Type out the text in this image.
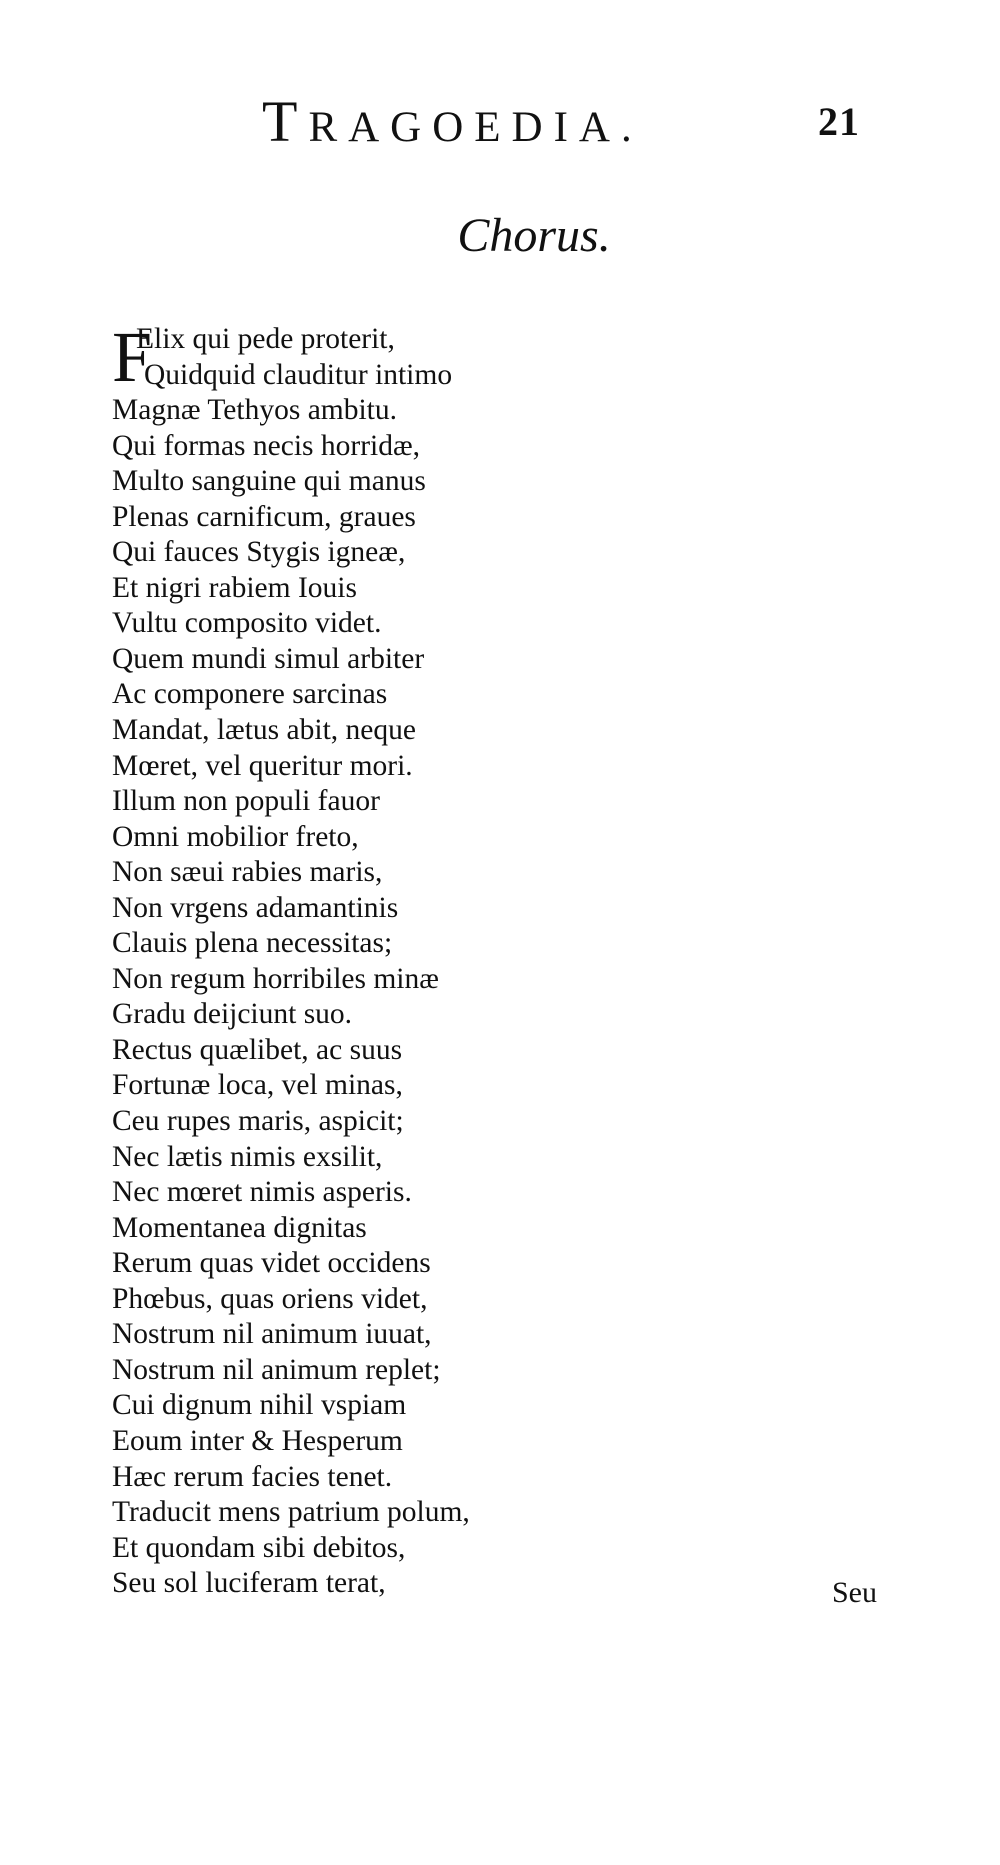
TRAGOEDIA.	21
Chorus.
F
Elix qui pede proterit,
Quidquid clauditur intimo
Magnæ Tethyos ambitu.
Qui formas necis horridæ,
Multo sanguine qui manus
Plenas carnificum, graues
Qui fauces Stygis igneæ,
Et nigri rabiem Iouis
Vultu composito videt.
Quem mundi simul arbiter
Ac componere sarcinas
Mandat, lætus abit, neque
Mœret, vel queritur mori.
Illum non populi fauor
Omni mobilior freto,
Non sæui rabies maris,
Non vrgens adamantinis
Clauis plena necessitas;
Non regum horribiles minæ
Gradu deijciunt suo.
Rectus quælibet, ac suus
Fortunæ loca, vel minas,
Ceu rupes maris, aspicit;
Nec lætis nimis exsilit,
Nec mœret nimis asperis.
Momentanea dignitas
Rerum quas videt occidens
Phœbus, quas oriens videt,
Nostrum nil animum iuuat,
Nostrum nil animum replet;
Cui dignum nihil vspiam
Eoum inter & Hesperum
Hæc rerum facies tenet.
Traducit mens patrium polum,
Et quondam sibi debitos,
Seu sol luciferam terat,	Seu
